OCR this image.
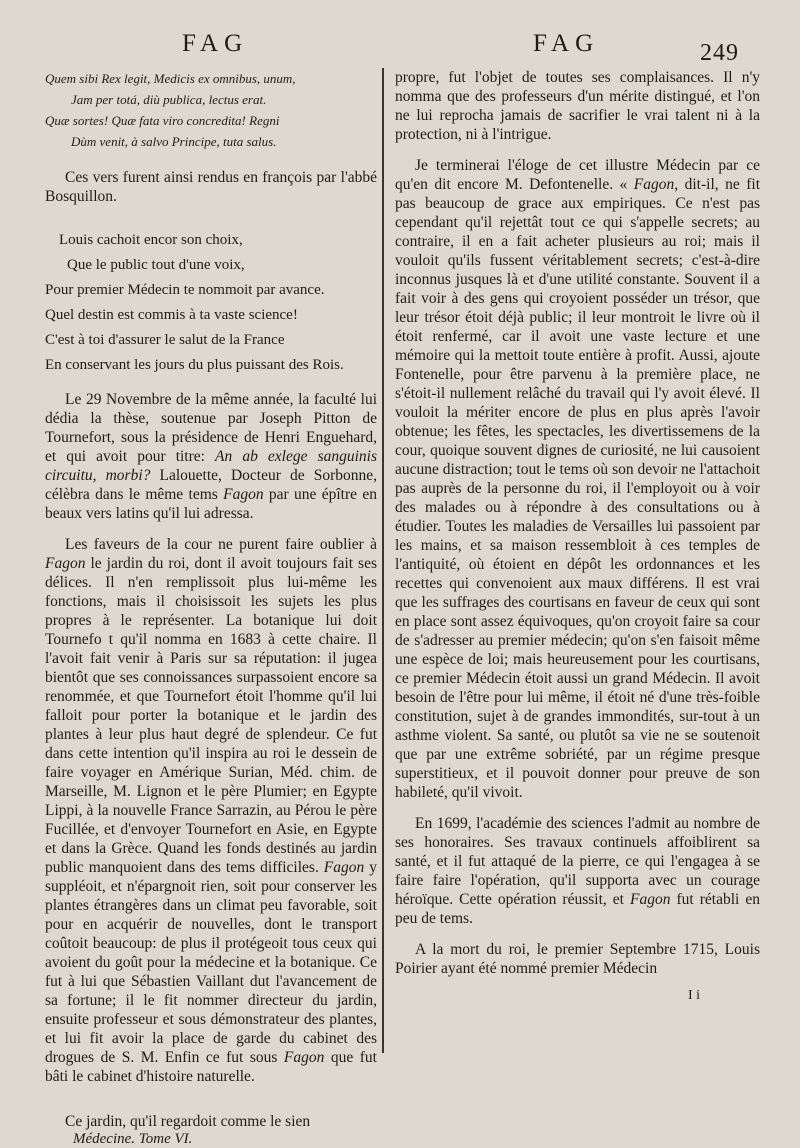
FAG	FAG	249
Quem sibi Rex legit, Medicis ex omnibus, unum,
Jam per totá, diù publica, lectus erat.
Quæ sortes! Quæ fata viro concredita! Regni
Dùm venit, à salvo Principe, tuta salus.

Ces vers furent ainsi rendus en françois par l'abbé Bosquillon.

Louis cachoit encor son choix,
Que le public tout d'une voix,
Pour premier Médecin te nommoit par avance.
Quel destin est commis à ta vaste science!
C'est à toi d'assurer le salut de la France
En conservant les jours du plus puissant des Rois.

Le 29 Novembre de la même année, la faculté lui dédia la thèse, soutenue par Joseph Pitton de Tournefort, sous la présidence de Henri Enguehard, et qui avoit pour titre: An ab exlege sanguinis circuitu, morbi? Lalouette, Docteur de Sorbonne, célèbra dans le même tems Fagon par une épître en beaux vers latins qu'il lui adressa.

Les faveurs de la cour ne purent faire oublier à Fagon le jardin du roi, dont il avoit toujours fait ses délices. Il n'en remplissoit plus lui-même les fonctions, mais il choisissoit les sujets les plus propres à le représenter. La botanique lui doit Tournefo t qu'il nomma en 1683 à cette chaire. Il l'avoit fait venir à Paris sur sa réputation: il jugea bientôt que ses connoissances surpassoient encore sa renommée, et que Tournefort étoit l'homme qu'il lui falloit pour porter la botanique et le jardin des plantes à leur plus haut degré de splendeur. Ce fut dans cette intention qu'il inspira au roi le dessein de faire voyager en Amérique Surian, Méd. chim. de Marseille, M. Lignon et le père Plumier; en Egypte Lippi, à la nouvelle France Sarrazin, au Pérou le père Fucillée, et d'envoyer Tournefort en Asie, en Egypte et dans la Grèce. Quand les fonds destinés au jardin public manquoient dans des tems difficiles. Fagon y suppléoit, et n'épargnoit rien, soit pour conserver les plantes étrangères dans un climat peu favorable, soit pour en acquérir de nouvelles, dont le transport coûtoit beaucoup: de plus il protégeoit tous ceux qui avoient du goût pour la médecine et la botanique. Ce fut à lui que Sébastien Vaillant dut l'avancement de sa fortune; il le fit nommer directeur du jardin, ensuite professeur et sous démonstrateur des plantes, et lui fit avoir la place de garde du cabinet des drogues de S. M. Enfin ce fut sous Fagon que fut bâti le cabinet d'histoire naturelle.

Ce jardin, qu'il regardoit comme le sien

Médecine. Tome VI.

propre, fut l'objet de toutes ses complaisances. Il n'y nomma que des professeurs d'un mérite distingué, et l'on ne lui reprocha jamais de sacrifier le vrai talent ni à la protection, ni à l'intrigue.

Je terminerai l'éloge de cet illustre Médecin par ce qu'en dit encore M. Defontenelle. « Fagon, dit-il, ne fit pas beaucoup de grace aux empiriques. Ce n'est pas cependant qu'il rejettât tout ce qui s'appelle secrets; au contraire, il en a fait acheter plusieurs au roi; mais il vouloit qu'ils fussent véritablement secrets; c'est-à-dire inconnus jusques là et d'une utilité constante. Souvent il a fait voir à des gens qui croyoient posséder un trésor, que leur trésor étoit déjà public; il leur montroit le livre où il étoit renfermé, car il avoit une vaste lecture et une mémoire qui la mettoit toute entière à profit. Aussi, ajoute Fontenelle, pour être parvenu à la première place, ne s'étoit-il nullement relâché du travail qui l'y avoit élevé. Il vouloit la mériter encore de plus en plus après l'avoir obtenue; les fêtes, les spectacles, les divertissemens de la cour, quoique souvent dignes de curiosité, ne lui causoient aucune distraction; tout le tems où son devoir ne l'attachoit pas auprès de la personne du roi, il l'employoit ou à voir des malades ou à répondre à des consultations ou à étudier. Toutes les maladies de Versailles lui passoient par les mains, et sa maison ressembloit à ces temples de l'antiquité, où étoient en dépôt les ordonnances et les recettes qui convenoient aux maux différens. Il est vrai que les suffrages des courtisans en faveur de ceux qui sont en place sont assez équivoques, qu'on croyoit faire sa cour de s'adresser au premier médecin; qu'on s'en faisoit même une espèce de loi; mais heureusement pour les courtisans, ce premier Médecin étoit aussi un grand Médecin. Il avoit besoin de l'être pour lui même, il étoit né d'une très-foible constitution, sujet à de grandes immondités, sur-tout à un asthme violent. Sa santé, ou plutôt sa vie ne se soutenoit que par une extrême sobriété, par un régime presque superstitieux, et il pouvoit donner pour preuve de son habileté, qu'il vivoit.

En 1699, l'académie des sciences l'admit au nombre de ses honoraires. Ses travaux continuels affoiblirent sa santé, et il fut attaqué de la pierre, ce qui l'engagea à se faire faire l'opération, qu'il supporta avec un courage héroïque. Cette opération réussit, et Fagon fut rétabli en peu de tems.

A la mort du roi, le premier Septembre 1715, Louis Poirier ayant été nommé premier Médecin

I i
